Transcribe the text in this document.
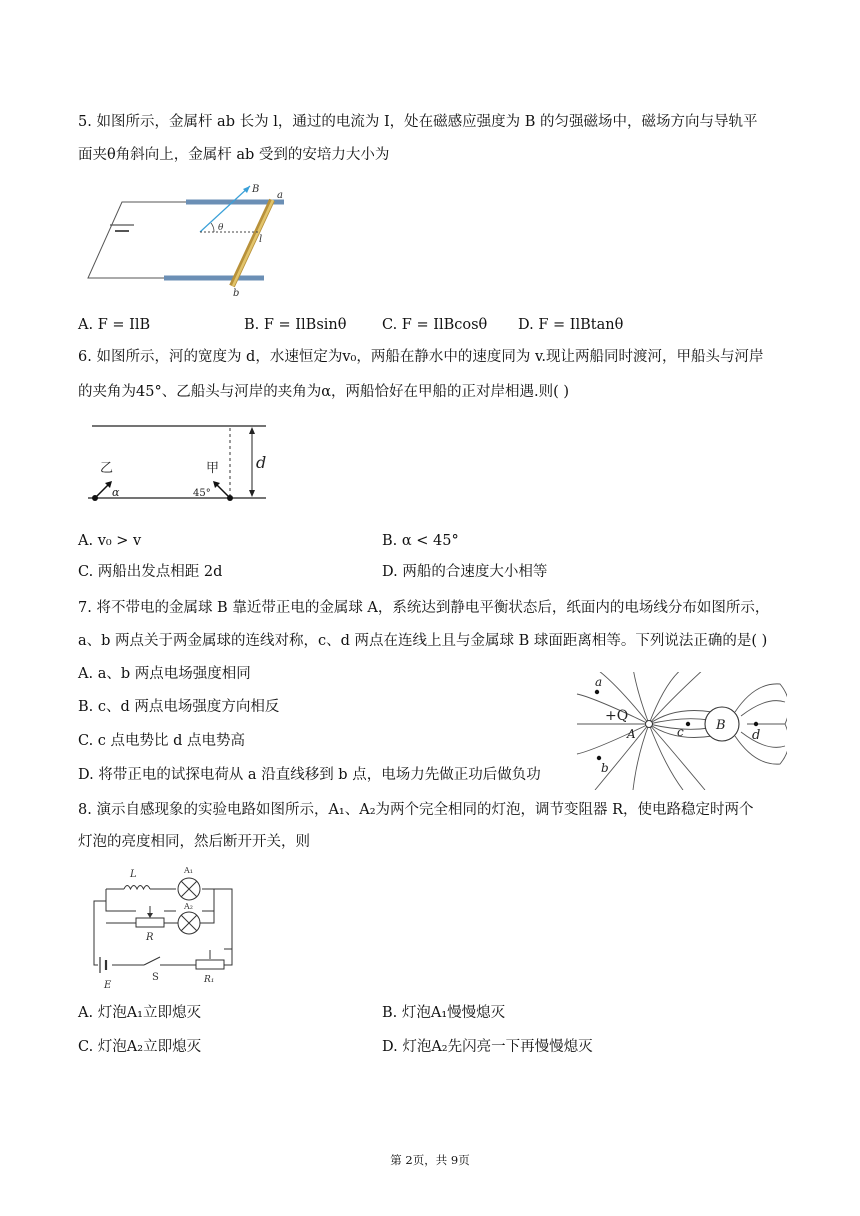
5. 如图所示，金属杆 ab 长为 l，通过的电流为 I，处在磁感应强度为 B 的匀强磁场中，磁场方向与导轨平
面夹θ角斜向上，金属杆 ab 受到的安培力大小为
B
a
b
θ
l
A. F = IlB	B. F = IlBsinθ C. F = IlBcosθ D. F = IlBtanθ
6. 如图所示，河的宽度为 d，水速恒定为v₀，两船在静水中的速度同为 v.现让两船同时渡河，甲船头与河岸
的夹角为45°、乙船头与河岸的夹角为α，两船恰好在甲船的正对岸相遇.则( )
乙	甲
α	45°
d
A. v₀ > v	B. α < 45°
C. 两船出发点相距 2d	D. 两船的合速度大小相等
7. 将不带电的金属球 B 靠近带正电的金属球 A，系统达到静电平衡状态后，纸面内的电场线分布如图所示，
a、b 两点关于两金属球的连线对称，c、d 两点在连线上且与金属球 B 球面距离相等。下列说法正确的是( )
A. a、b 两点电场强度相同
B. c、d 两点电场强度方向相反
C. c 点电势比 d 点电势高
D. 将带正电的试探电荷从 a 沿直线移到 b 点，电场力先做正功后做负功
a
b
+Q
A	c B
d
8. 演示自感现象的实验电路如图所示，A₁、A₂为两个完全相同的灯泡，调节变阻器 R，使电路稳定时两个
灯泡的亮度相同，然后断开开关，则
L	A₁
A₂
R
E
S	R₁
A. 灯泡A₁立即熄灭	B. 灯泡A₁慢慢熄灭
C. 灯泡A₂立即熄灭	D. 灯泡A₂先闪亮一下再慢慢熄灭
第 2页，共 9页
